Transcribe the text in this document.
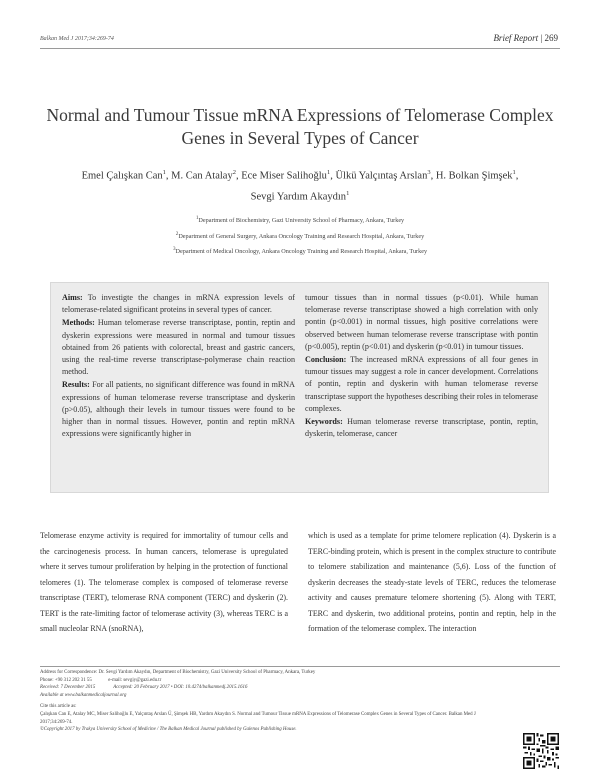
Balkan Med J 2017;34:269-74	Brief Report | 269
Normal and Tumour Tissue mRNA Expressions of Telomerase Complex Genes in Several Types of Cancer
Emel Çalışkan Can$^1$, M. Can Atalay$^2$, Ece Miser Salihoğlu$^1$, Ülkü Yalçıntaş Arslan$^3$, H. Bolkan Şimşek$^1$,
Sevgi Yardım Akaydın$^1$
$^1$Department of Biochemistry, Gazi University School of Pharmacy, Ankara, Turkey
$^2$Department of General Surgery, Ankara Oncology Training and Research Hospital, Ankara, Turkey
$^3$Department of Medical Oncology, Ankara Oncology Training and Research Hospital, Ankara, Turkey

Aims: To investigte the changes in mRNA expression levels of telomerase-related significant proteins in several types of cancer.

Methods: Human telomerase reverse transcriptase, pontin, reptin and dyskerin expressions were measured in normal and tumour tissues obtained from 26 patients with colorectal, breast and gastric cancers, using the real-time reverse transcriptase-polymerase chain reaction method.

Results: For all patients, no significant difference was found in mRNA expressions of human telomerase reverse transcriptase and dyskerin (p>0.05), although their levels in tumour tissues were found to be higher than in normal tissues. However, pontin and reptin mRNA expressions were significantly higher in

tumour tissues than in normal tissues (p<0.01). While human telomerase reverse transcriptase showed a high correlation with only pontin (p<0.001) in normal tissues, high positive correlations were observed between human telomerase reverse transcriptase with pontin (p<0.005), reptin (p<0.01) and dyskerin (p<0.01) in tumour tissues.

Conclusion: The increased mRNA expressions of all four genes in tumour tissues may suggest a role in cancer development. Correlations of pontin, reptin and dyskerin with human telomerase reverse transcriptase support the hypotheses describing their roles in telomerase complexes.

Keywords: Human telomerase reverse transcriptase, pontin, reptin, dyskerin, telomerase, cancer

Telomerase enzyme activity is required for immortality of tumour cells and the carcinogenesis process. In human cancers, telomerase is upregulated where it serves tumour proliferation by helping in the protection of functional telomeres (1). The telomerase complex is composed of telomerase reverse transcriptase (TERT), telomerase RNA component (TERC) and dyskerin (2). TERT is the rate-limiting factor of telomerase activity (3), whereas TERC is a small nucleolar RNA (snoRNA),

which is used as a template for prime telomere replication (4). Dyskerin is a TERC-binding protein, which is present in the complex structure to contribute to telomere stabilization and maintenance (5,6). Loss of the function of dyskerin decreases the steady-state levels of TERC, reduces the telomerase activity and causes premature telomere shortening (5). Along with TERT, TERC and dyskerin, two additional proteins, pontin and reptin, help in the formation of the telomerase complex. The interaction

Address for Correspondence: Dr. Sevgi Yardım Akaydın, Department of Biochemistry, Gazi University School of Pharmacy, Ankara, Turkey
Phone: +90 312 202 31 55	e-mail: sevgiy@gazi.edu.tr
Received: 7 December 2015	Accepted: 20 February 2017 • DOI: 10.4274/balkanmedj.2015.1616
Available at www.balkanmedicaljournal.org
Cite this article as:
Çalışkan Can E, Atalay MC, Miser Salihoğlu E, Yalçıntaş Arslan Ü, Şimşek HB, Yardım Akaydın S. Normal and Tumour Tissue mRNA Expressions of Telomerase Complex Genes in Several Types of Cancer. Balkan Med J 2017;34:269-74.
©Copyright 2017 by Trakya University School of Medicine / The Balkan Medical Journal published by Galenos Publishing House.
